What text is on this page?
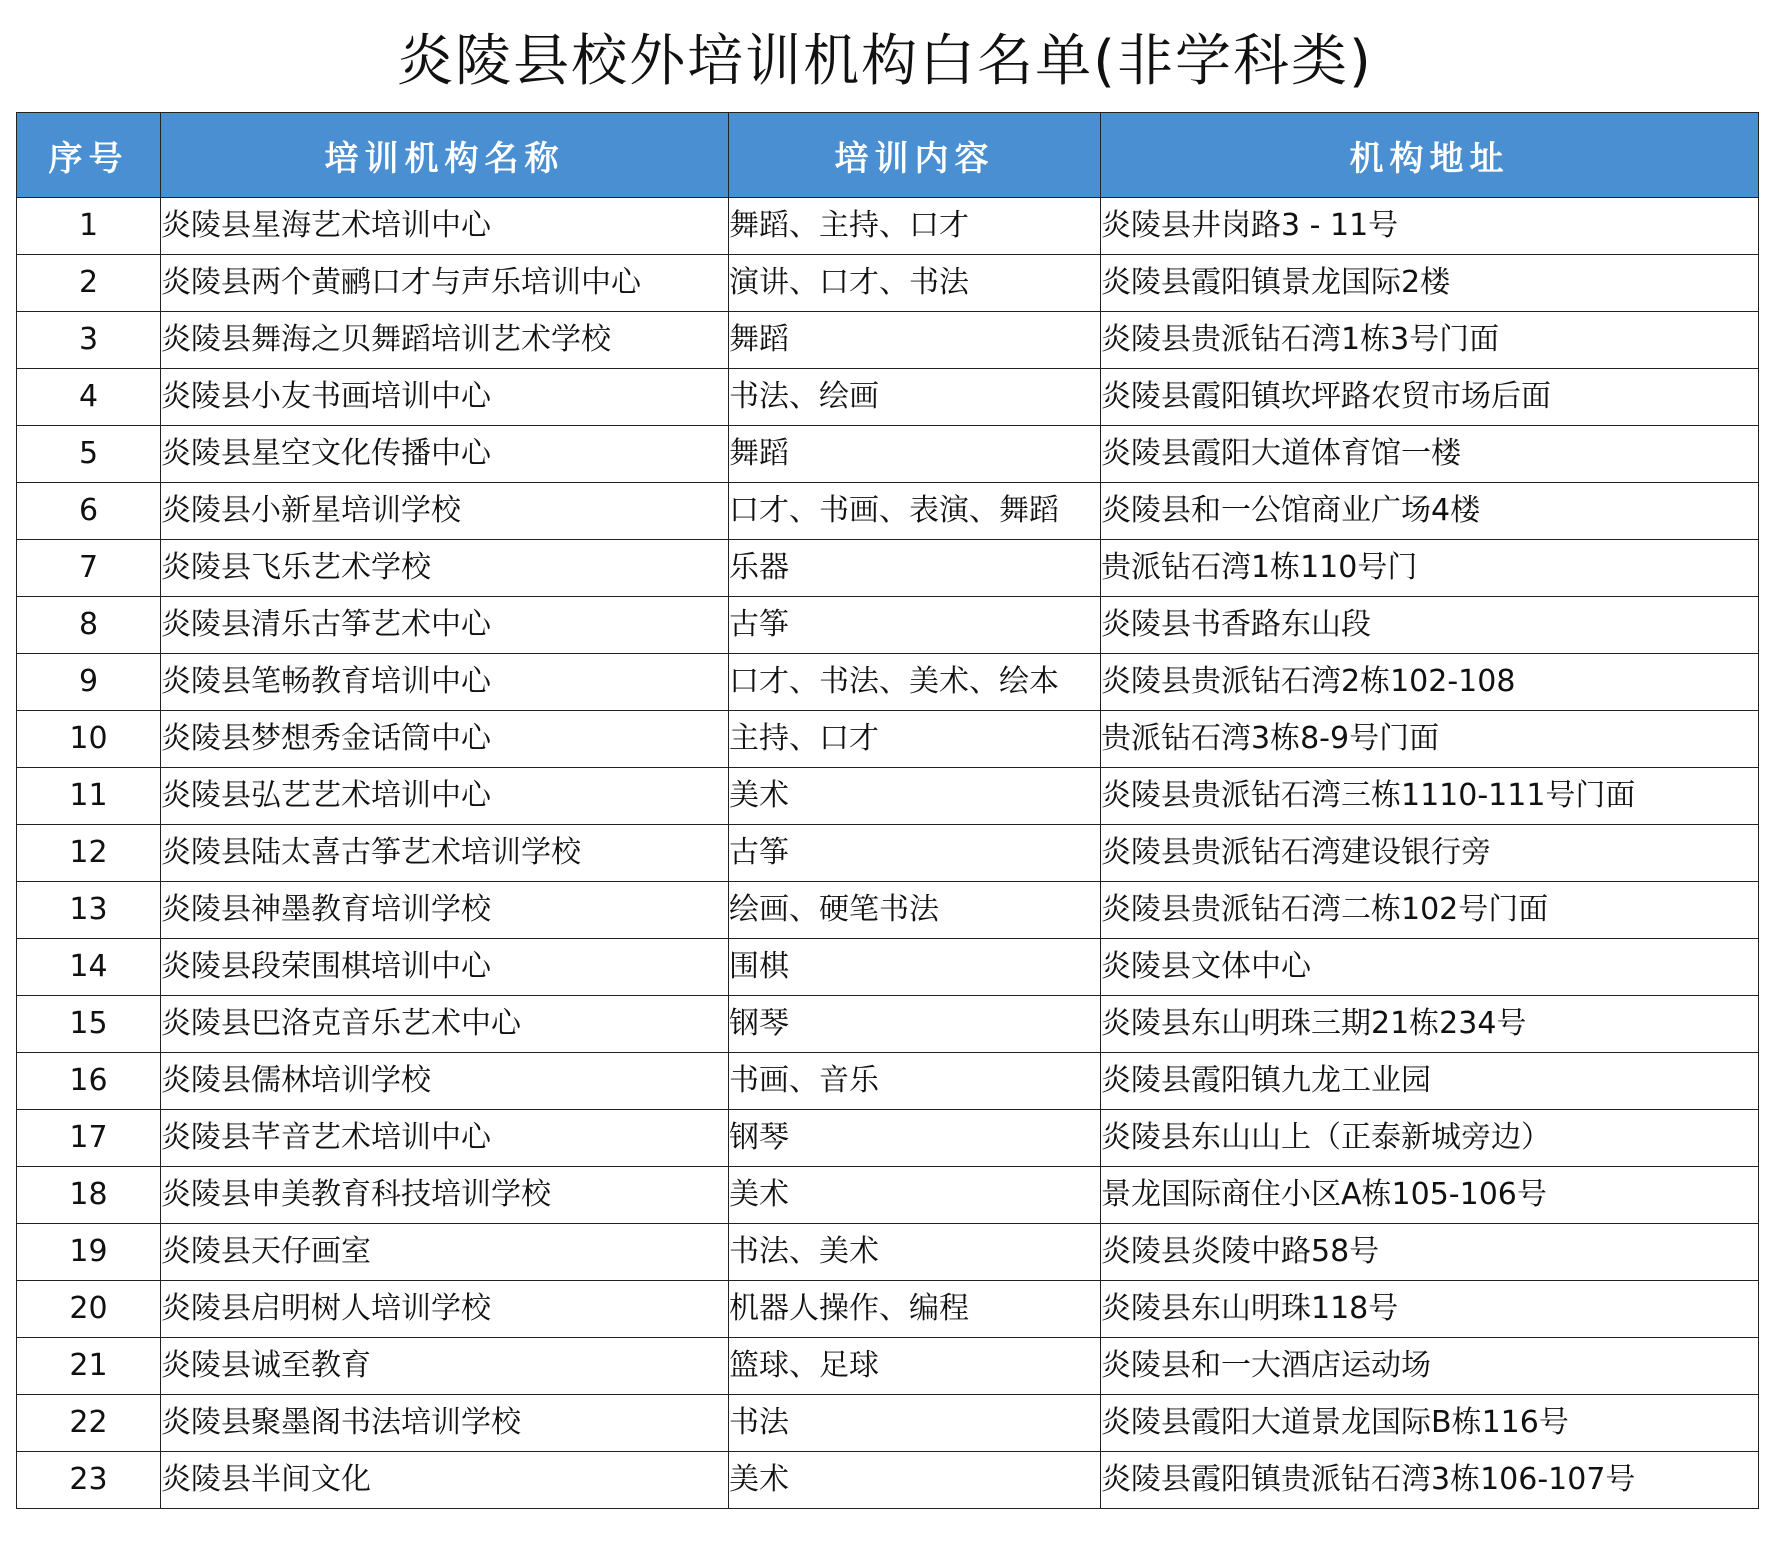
炎陵县校外培训机构白名单(非学科类)
序号	培训机构名称	培训内容	机构地址
1	炎陵县星海艺术培训中心	舞蹈、主持、口才	炎陵县井岗路3 - 11号
2	炎陵县两个黄鹂口才与声乐培训中心	演讲、口才、书法	炎陵县霞阳镇景龙国际2楼
3	炎陵县舞海之贝舞蹈培训艺术学校	舞蹈	炎陵县贵派钻石湾1栋3号门面
4	炎陵县小友书画培训中心	书法、绘画	炎陵县霞阳镇坎坪路农贸市场后面
5	炎陵县星空文化传播中心	舞蹈	炎陵县霞阳大道体育馆一楼
6	炎陵县小新星培训学校	口才、书画、表演、舞蹈	炎陵县和一公馆商业广场4楼
7	炎陵县飞乐艺术学校	乐器	贵派钻石湾1栋110号门
8	炎陵县清乐古筝艺术中心	古筝	炎陵县书香路东山段
9	炎陵县笔畅教育培训中心	口才、书法、美术、绘本	炎陵县贵派钻石湾2栋102-108
10	炎陵县梦想秀金话筒中心	主持、口才	贵派钻石湾3栋8-9号门面
11	炎陵县弘艺艺术培训中心	美术	炎陵县贵派钻石湾三栋1110-111号门面
12	炎陵县陆太喜古筝艺术培训学校	古筝	炎陵县贵派钻石湾建设银行旁
13	炎陵县神墨教育培训学校	绘画、硬笔书法	炎陵县贵派钻石湾二栋102号门面
14	炎陵县段荣围棋培训中心	围棋	炎陵县文体中心
15	炎陵县巴洛克音乐艺术中心	钢琴	炎陵县东山明珠三期21栋234号
16	炎陵县儒林培训学校	书画、音乐	炎陵县霞阳镇九龙工业园
17	炎陵县芊音艺术培训中心	钢琴	炎陵县东山山上（正泰新城旁边）
18	炎陵县申美教育科技培训学校	美术	景龙国际商住小区A栋105-106号
19	炎陵县天仔画室	书法、美术	炎陵县炎陵中路58号
20	炎陵县启明树人培训学校	机器人操作、编程	炎陵县东山明珠118号
21	炎陵县诚至教育	篮球、足球	炎陵县和一大酒店运动场
22	炎陵县聚墨阁书法培训学校	书法	炎陵县霞阳大道景龙国际B栋116号
23	炎陵县半间文化	美术	炎陵县霞阳镇贵派钻石湾3栋106-107号
